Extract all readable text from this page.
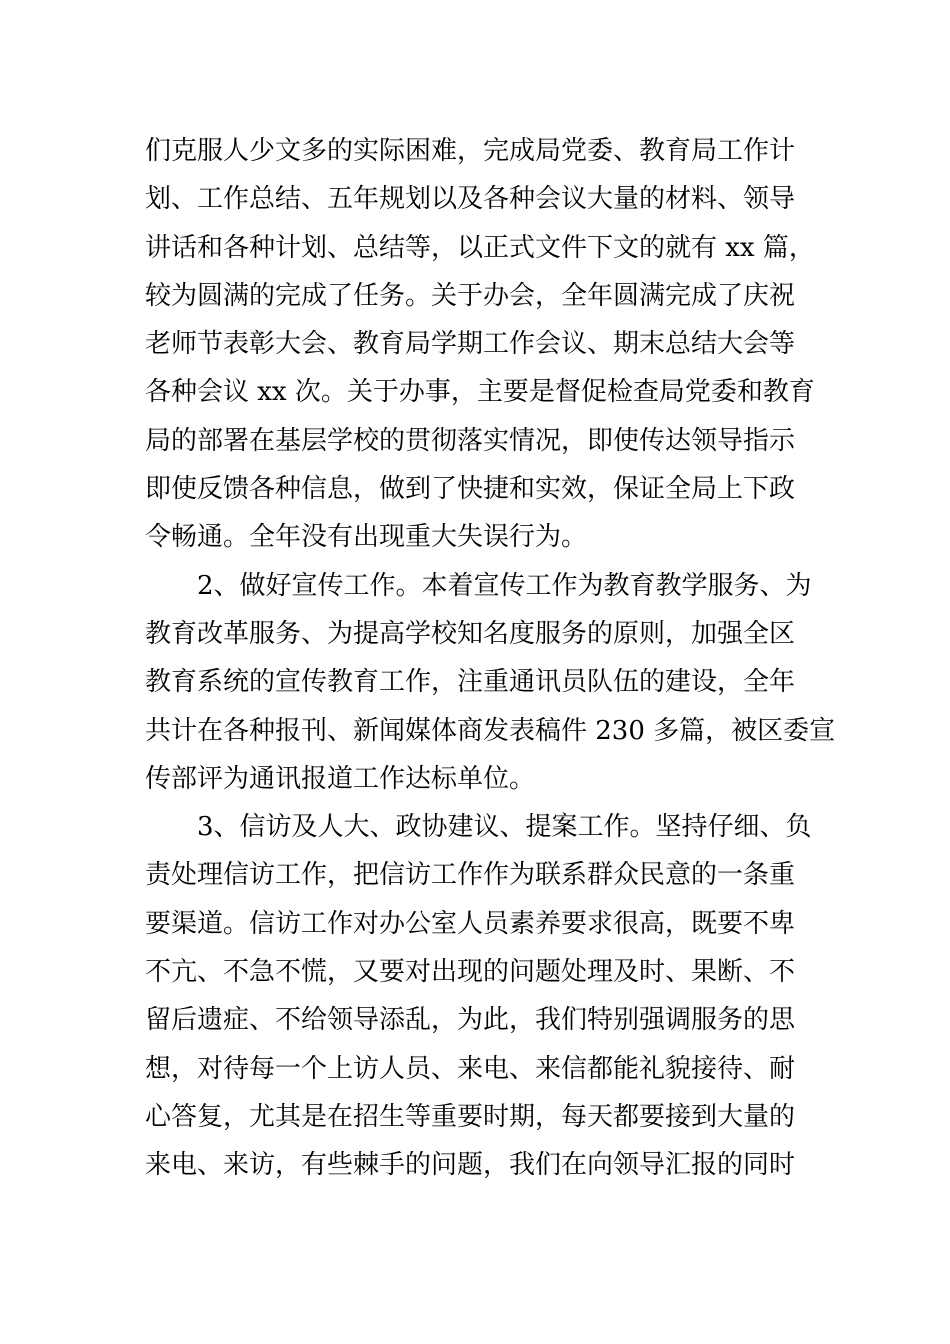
们克服人少文多的实际困难，完成局党委、教育局工作计
划、工作总结、五年规划以及各种会议大量的材料、领导
讲话和各种计划、总结等，以正式文件下文的就有 xx 篇，
较为圆满的完成了任务。关于办会，全年圆满完成了庆祝
老师节表彰大会、教育局学期工作会议、期末总结大会等
各种会议 xx 次。关于办事，主要是督促检查局党委和教育
局的部署在基层学校的贯彻落实情况，即使传达领导指示
即使反馈各种信息，做到了快捷和实效，保证全局上下政
令畅通。全年没有出现重大失误行为。
2、做好宣传工作。本着宣传工作为教育教学服务、为
教育改革服务、为提高学校知名度服务的原则，加强全区
教育系统的宣传教育工作，注重通讯员队伍的建设，全年
共计在各种报刊、新闻媒体商发表稿件 230 多篇，被区委宣
传部评为通讯报道工作达标单位。
3、信访及人大、政协建议、提案工作。坚持仔细、负
责处理信访工作，把信访工作作为联系群众民意的一条重
要渠道。信访工作对办公室人员素养要求很高，既要不卑
不亢、不急不慌，又要对出现的问题处理及时、果断、不
留后遗症、不给领导添乱，为此，我们特别强调服务的思
想，对待每一个上访人员、来电、来信都能礼貌接待、耐
心答复，尤其是在招生等重要时期，每天都要接到大量的
来电、来访，有些棘手的问题，我们在向领导汇报的同时
